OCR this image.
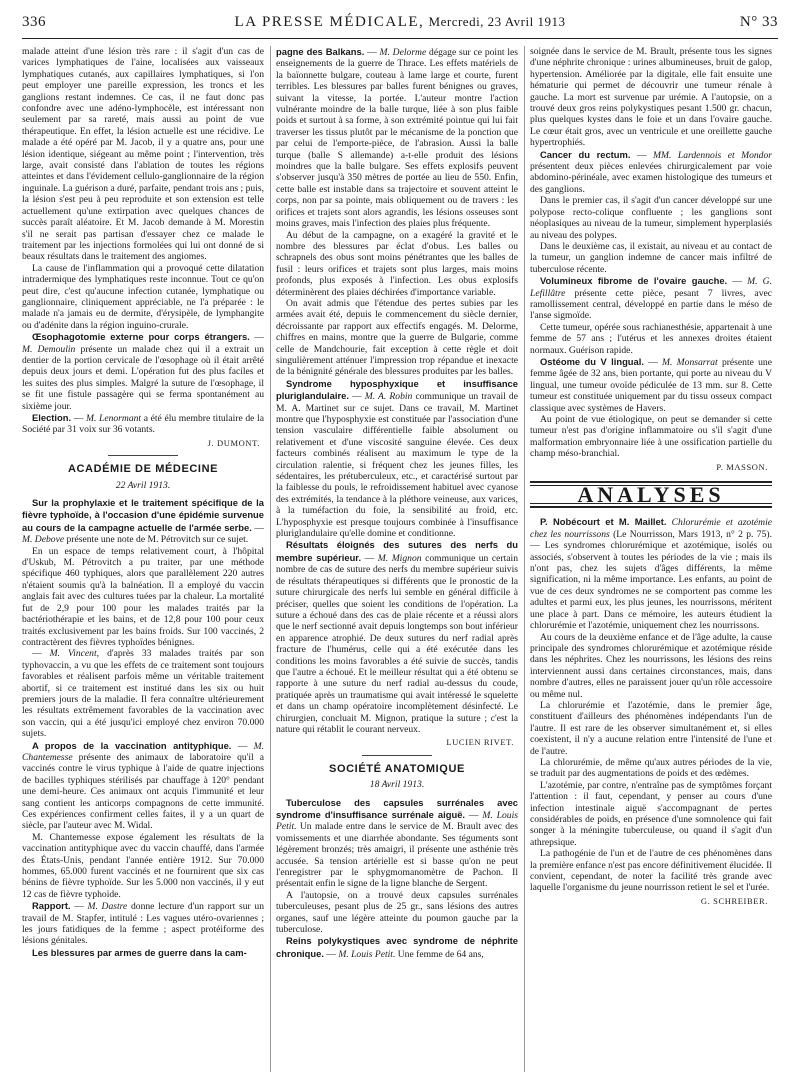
336	LA PRESSE MÉDICALE, Mercredi, 23 Avril 1913	N° 33

malade atteint d'une lésion très rare : il s'agit d'un cas de varices lymphatiques de l'aine, localisées aux vaisseaux lymphatiques cutanés, aux capillaires lymphatiques, si l'on peut employer une pareille expression, les troncs et les ganglions restant indemnes. Ce cas, il ne faut donc pas confondre avec une adéno-lymphocèle, est intéressant non seulement par sa rareté, mais aussi au point de vue thérapeutique. En effet, la lésion actuelle est une récidive. Le malade a été opéré par M. Jacob, il y a quatre ans, pour une lésion identique, siégeant au même point ; l'intervention, très large, avait consisté dans l'ablation de toutes les régions atteintes et dans l'évidement cellulo-ganglionnaire de la région inguinale. La guérison a duré, parfaite, pendant trois ans ; puis, la lésion s'est peu à peu reproduite et son extension est telle actuellement qu'une extirpation avec quelques chances de succès paraît aléatoire. Et M. Jacob demande à M. Morestin s'il ne serait pas partisan d'essayer chez ce malade le traitement par les injections formolées qui lui ont donné de si beaux résultats dans le traitement des angiomes.

La cause de l'inflammation qui a provoqué cette dilatation intradermique des lymphatiques reste inconnue. Tout ce qu'on peut dire, c'est qu'aucune infection cutanée, lymphatique ou ganglionnaire, cliniquement appréciable, ne l'a préparée : le malade n'a jamais eu de dermite, d'érysipèle, de lymphangite ou d'adénite dans la région inguino-crurale.

Œsophagotomie externe pour corps étrangers. — M. Demoulin présente un malade chez qui il a extrait un dentier de la portion cervicale de l'œsophage où il était arrêté depuis deux jours et demi. L'opération fut des plus faciles et les suites des plus simples. Malgré la suture de l'œsophage, il se fit une fistule passagère qui se ferma spontanément au sixième jour.

Election. — M. Lenormant a été élu membre titulaire de la Société par 31 voix sur 36 votants.

J. DUMONT.

ACADÉMIE DE MÉDECINE
22 Avril 1913.

Sur la prophylaxie et le traitement spécifique de la fièvre typhoïde, à l'occasion d'une épidémie survenue au cours de la campagne actuelle de l'armée serbe. — M. Debove présente une note de M. Pétrovitch sur ce sujet.

En un espace de temps relativement court, à l'hôpital d'Uskub, M. Pétrovitch a pu traiter, par une méthode spécifique 460 typhiques, alors que parallèlement 220 autres n'étaient soumis qu'à la balnéation. Il a employé du vaccin anglais fait avec des cultures tuées par la chaleur. La mortalité fut de 2,9 pour 100 pour les malades traités par la bactériothérapie et les bains, et de 12,8 pour 100 pour ceux traités exclusivement par les bains froids. Sur 100 vaccinés, 2 contractèrent des fièvres typhoïdes bénignes.

— M. Vincent, d'après 33 malades traités par son typhovaccin, a vu que les effets de ce traitement sont toujours favorables et réalisent parfois même un véritable traitement abortif, si ce traitement est institué dans les six ou huit premiers jours de la maladie. Il fera connaître ultérieurement les résultats extrêmement favorables de la vaccination avec son vaccin, qui a été jusqu'ici employé chez environ 70.000 sujets.

A propos de la vaccination antityphique. — M. Chantemesse présente des animaux de laboratoire qu'il a vaccinés contre le virus typhique à l'aide de quatre injections de bacilles typhiques stérilisés par chauffage à 120° pendant une demi-heure. Ces animaux ont acquis l'immunité et leur sang contient les anticorps compagnons de cette immunité. Ces expériences confirment celles faites, il y a un quart de siècle, par l'auteur avec M. Widal.

M. Chantemesse expose également les résultats de la vaccination antityphique avec du vaccin chauffé, dans l'armée des États-Unis, pendant l'année entière 1912. Sur 70.000 hommes, 65.000 furent vaccinés et ne fournirent que six cas bénins de fièvre typhoïde. Sur les 5.000 non vaccinés, il y eut 12 cas de fièvre typhoïde.

Rapport. — M. Dastre donne lecture d'un rapport sur un travail de M. Stapfer, intitulé : Les vagues utéro-ovariennes ; les jours fatidiques de la femme ; aspect protéiforme des lésions génitales.

Les blessures par armes de guerre dans la cam-

pagne des Balkans. — M. Delorme dégage sur ce point les enseignements de la guerre de Thrace. Les effets matériels de la baïonnette bulgare, couteau à lame large et courte, furent terribles. Les blessures par balles furent bénignes ou graves, suivant la vitesse, la portée. L'auteur montre l'action vulnérante moindre de la balle turque, liée à son plus faible poids et surtout à sa forme, à son extrémité pointue qui lui fait traverser les tissus plutôt par le mécanisme de la ponction que par celui de l'emporte-pièce, de l'abrasion. Aussi la balle turque (balle S allemande) a-t-elle produit des lésions moindres que la balle bulgare. Ses effets explosifs peuvent s'observer jusqu'à 350 mètres de portée au lieu de 550. Enfin, cette balle est instable dans sa trajectoire et souvent atteint le corps, non par sa pointe, mais obliquement ou de travers : les orifices et trajets sont alors agrandis, les lésions osseuses sont moins graves, mais l'infection des plaies plus fréquente.

Au début de la campagne, on a exagéré la gravité et le nombre des blessures par éclat d'obus. Les balles ou schrapnels des obus sont moins pénétrantes que les balles de fusil : leurs orifices et trajets sont plus larges, mais moins profonds, plus exposés à l'infection. Les obus explosifs déterminèrent des plaies déchirées d'importance variable.

On avait admis que l'étendue des pertes subies par les armées avait été, depuis le commencement du siècle dernier, décroissante par rapport aux effectifs engagés. M. Delorme, chiffres en mains, montre que la guerre de Bulgarie, comme celle de Mandchourie, fait exception à cette règle et doit singulièrement atténuer l'impression trop répandue et inexacte de la bénignité générale des blessures produites par les balles.

Syndrome hyposphyxique et insuffisance pluriglandulaire. — M. A. Robin communique un travail de M. A. Martinet sur ce sujet. Dans ce travail, M. Martinet montre que l'hyposphyxie est constituée par l'association d'une tension vasculaire différentielle faible absolument ou relativement et d'une viscosité sanguine élevée. Ces deux facteurs combinés réalisent au maximum le type de la circulation ralentie, si fréquent chez les jeunes filles, les sédentaires, les prétuberculeux, etc., et caractérisé surtout par la faiblesse du pouls, le refroidissement habituel avec cyanose des extrémités, la tendance à la pléthore veineuse, aux varices, à la tuméfaction du foie, la sensibilité au froid, etc. L'hyposphyxie est presque toujours combinée à l'insuffisance pluriglandulaire qu'elle domine et conditionne.

Résultats éloignés des sutures des nerfs du membre supérieur. — M. Mignon communique un certain nombre de cas de suture des nerfs du membre supérieur suivis de résultats thérapeutiques si différents que le pronostic de la suture chirurgicale des nerfs lui semble en général difficile à préciser, quelles que soient les conditions de l'opération. La suture a échoué dans des cas de plaie récente et a réussi alors que le nerf sectionné avait depuis longtemps son bout inférieur en apparence atrophié. De deux sutures du nerf radial après fracture de l'humérus, celle qui a été exécutée dans les conditions les moins favorables a été suivie de succès, tandis que l'autre a échoué. Et le meilleur résultat qui a été obtenu se rapporte à une suture du nerf radial au-dessus du coude, pratiquée après un traumatisme qui avait intéressé le squelette et dans un champ opératoire incomplètement désinfecté. Le chirurgien, concluait M. Mignon, pratique la suture ; c'est la nature qui rétablit le courant nerveux.

LUCIEN RIVET.

SOCIÉTÉ ANATOMIQUE
18 Avril 1913.

Tuberculose des capsules surrénales avec syndrome d'insuffisance surrénale aiguë. — M. Louis Petit. Un malade entre dans le service de M. Brault avec des vomissements et une diarrhée abondante. Ses téguments sont légèrement bronzés; très amaigri, il présente une asthénie très accusée. Sa tension artérielle est si basse qu'on ne peut l'enregistrer par le sphygmomanomètre de Pachon. Il présentait enfin le signe de la ligne blanche de Sergent.

A l'autopsie, on a trouvé deux capsules surrénales tuberculeuses, pesant plus de 25 gr., sans lésions des autres organes, sauf une légère atteinte du poumon gauche par la tuberculose.

Reins polykystiques avec syndrome de néphrite chronique. — M. Louis Petit. Une femme de 64 ans,

soignée dans le service de M. Brault, présente tous les signes d'une néphrite chronique : urines albumineuses, bruit de galop, hypertension. Améliorée par la digitale, elle fait ensuite une hématurie qui permet de découvrir une tumeur rénale à gauche. La mort est survenue par urémie. A l'autopsie, on a trouvé deux gros reins polykystiques pesant 1.500 gr. chacun, plus quelques kystes dans le foie et un dans l'ovaire gauche. Le cœur était gros, avec un ventricule et une oreillette gauche hypertrophiés.

Cancer du rectum. — MM. Lardennois et Mondor présentent deux pièces enlevées chirurgicalement par voie abdomino-périnéale, avec examen histologique des tumeurs et des ganglions.

Dans le premier cas, il s'agit d'un cancer développé sur une polypose recto-colique confluente ; les ganglions sont néoplasiques au niveau de la tumeur, simplement hyperplasiés au niveau des polypes.

Dans le deuxième cas, il existait, au niveau et au contact de la tumeur, un ganglion indemne de cancer mais infiltré de tuberculose récente.

Volumineux fibrome de l'ovaire gauche. — M. G. Lefillâtre présente cette pièce, pesant 7 livres, avec ramollissement central, développé en partie dans le méso de l'anse sigmoïde.

Cette tumeur, opérée sous rachianesthésie, appartenait à une femme de 57 ans ; l'utérus et les annexes droites étaient normaux. Guérison rapide.

Ostéome du V lingual. — M. Monsarrat présente une femme âgée de 32 ans, bien portante, qui porte au niveau du V lingual, une tumeur ovoïde pédiculée de 13 mm. sur 8. Cette tumeur est constituée uniquement par du tissu osseux compact classique avec systèmes de Havers.

Au point de vue étiologique, on peut se demander si cette tumeur n'est pas d'origine inflammatoire ou s'il s'agit d'une malformation embryonnaire liée à une ossification partielle du champ méso-branchial.

P. MASSON.

ANALYSES

P. Nobécourt et M. Maillet. Chlorurémie et azotémie chez les nourrissons (Le Nourrisson, Mars 1913, n° 2 p. 75). — Les syndromes chlorurémique et azotémique, isolés ou associés, s'observent à toutes les périodes de la vie ; mais ils n'ont pas, chez les sujets d'âges différents, la même signification, ni la même importance. Les enfants, au point de vue de ces deux syndromes ne se comportent pas comme les adultes et parmi eux, les plus jeunes, les nourrissons, méritent une place à part. Dans ce mémoire, les auteurs étudient la chlorurémie et l'azotémie, uniquement chez les nourrissons.

Au cours de la deuxième enfance et de l'âge adulte, la cause principale des syndromes chlorurémique et azotémique réside dans les néphrites. Chez les nourrissons, les lésions des reins interviennent aussi dans certaines circonstances, mais, dans nombre d'autres, elles ne paraissent jouer qu'un rôle accessoire ou même nul.

La chlorurémie et l'azotémie, dans le premier âge, constituent d'ailleurs des phénomènes indépendants l'un de l'autre. Il est rare de les observer simultanément et, si elles coexistent, il n'y a aucune relation entre l'intensité de l'une et de l'autre.

La chlorurémie, de même qu'aux autres périodes de la vie, se traduit par des augmentations de poids et des œdèmes.

L'azotémie, par contre, n'entraîne pas de symptômes forçant l'attention : il faut, cependant, y penser au cours d'une infection intestinale aiguë s'accompagnant de pertes considérables de poids, en présence d'une somnolence qui fait songer à la méningite tuberculeuse, ou quand il s'agit d'un athrepsique.

La pathogénie de l'un et de l'autre de ces phénomènes dans la première enfance n'est pas encore définitivement élucidée. Il convient, cependant, de noter la facilité très grande avec laquelle l'organisme du jeune nourrisson retient le sel et l'urée.

G. SCHREIBER.
